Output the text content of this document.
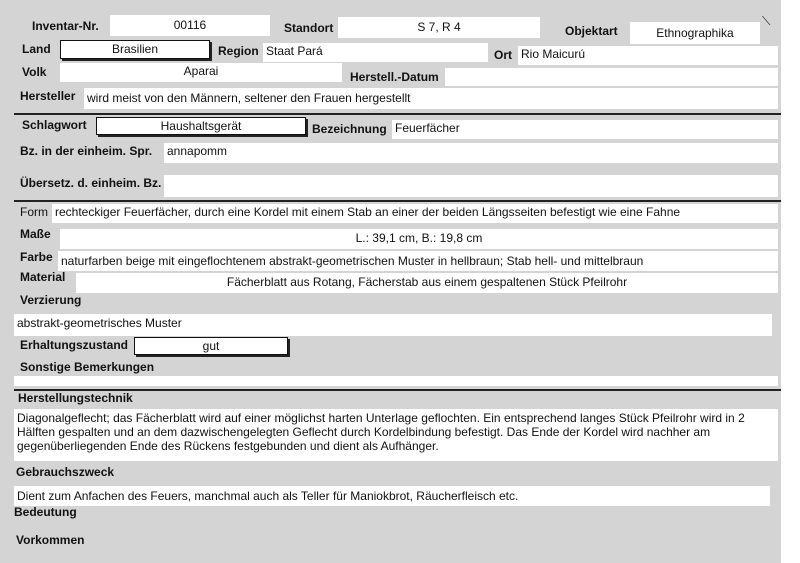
Inventar-Nr.	00116	Standort	S 7, R 4	Objektart	Ethnographika
⟍
Land	Brasilien	Region Staat Pará	Ort Rio Maicurú
Volk	Aparai	Herstell.-Datum
Hersteller wird meist von den Männern, seltener den Frauen hergestellt
Schlagwort	Haushaltsgerät	Bezeichnung Feuerfächer
Bz. in der einheim. Spr. annapomm
Übersetz. d. einheim. Bz.
Form rechteckiger Feuerfächer, durch eine Kordel mit einem Stab an einer der beiden Längsseiten befestigt wie eine Fahne
Maße	L.: 39,1 cm, B.: 19,8 cm
Farbe naturfarben beige mit eingeflochtenem abstrakt-geometrischen Muster in hellbraun; Stab hell- und mittelbraun
Material	Fächerblatt aus Rotang, Fächerstab aus einem gespaltenen Stück Pfeilrohr
Verzierung
abstrakt-geometrisches Muster
Erhaltungszustand	gut
Sonstige Bemerkungen
Herstellungstechnik
Diagonalgeflecht; das Fächerblatt wird auf einer möglichst harten Unterlage geflochten. Ein entsprechend langes Stück Pfeilrohr wird in 2 Hälften gespalten und an dem dazwischengelegten Geflecht durch Kordelbindung befestigt. Das Ende der Kordel wird nachher am gegenüberliegenden Ende des Rückens festgebunden und dient als Aufhänger.
Gebrauchszweck
Dient zum Anfachen des Feuers, manchmal auch als Teller für Maniokbrot, Räucherfleisch etc.
Bedeutung
Vorkommen
